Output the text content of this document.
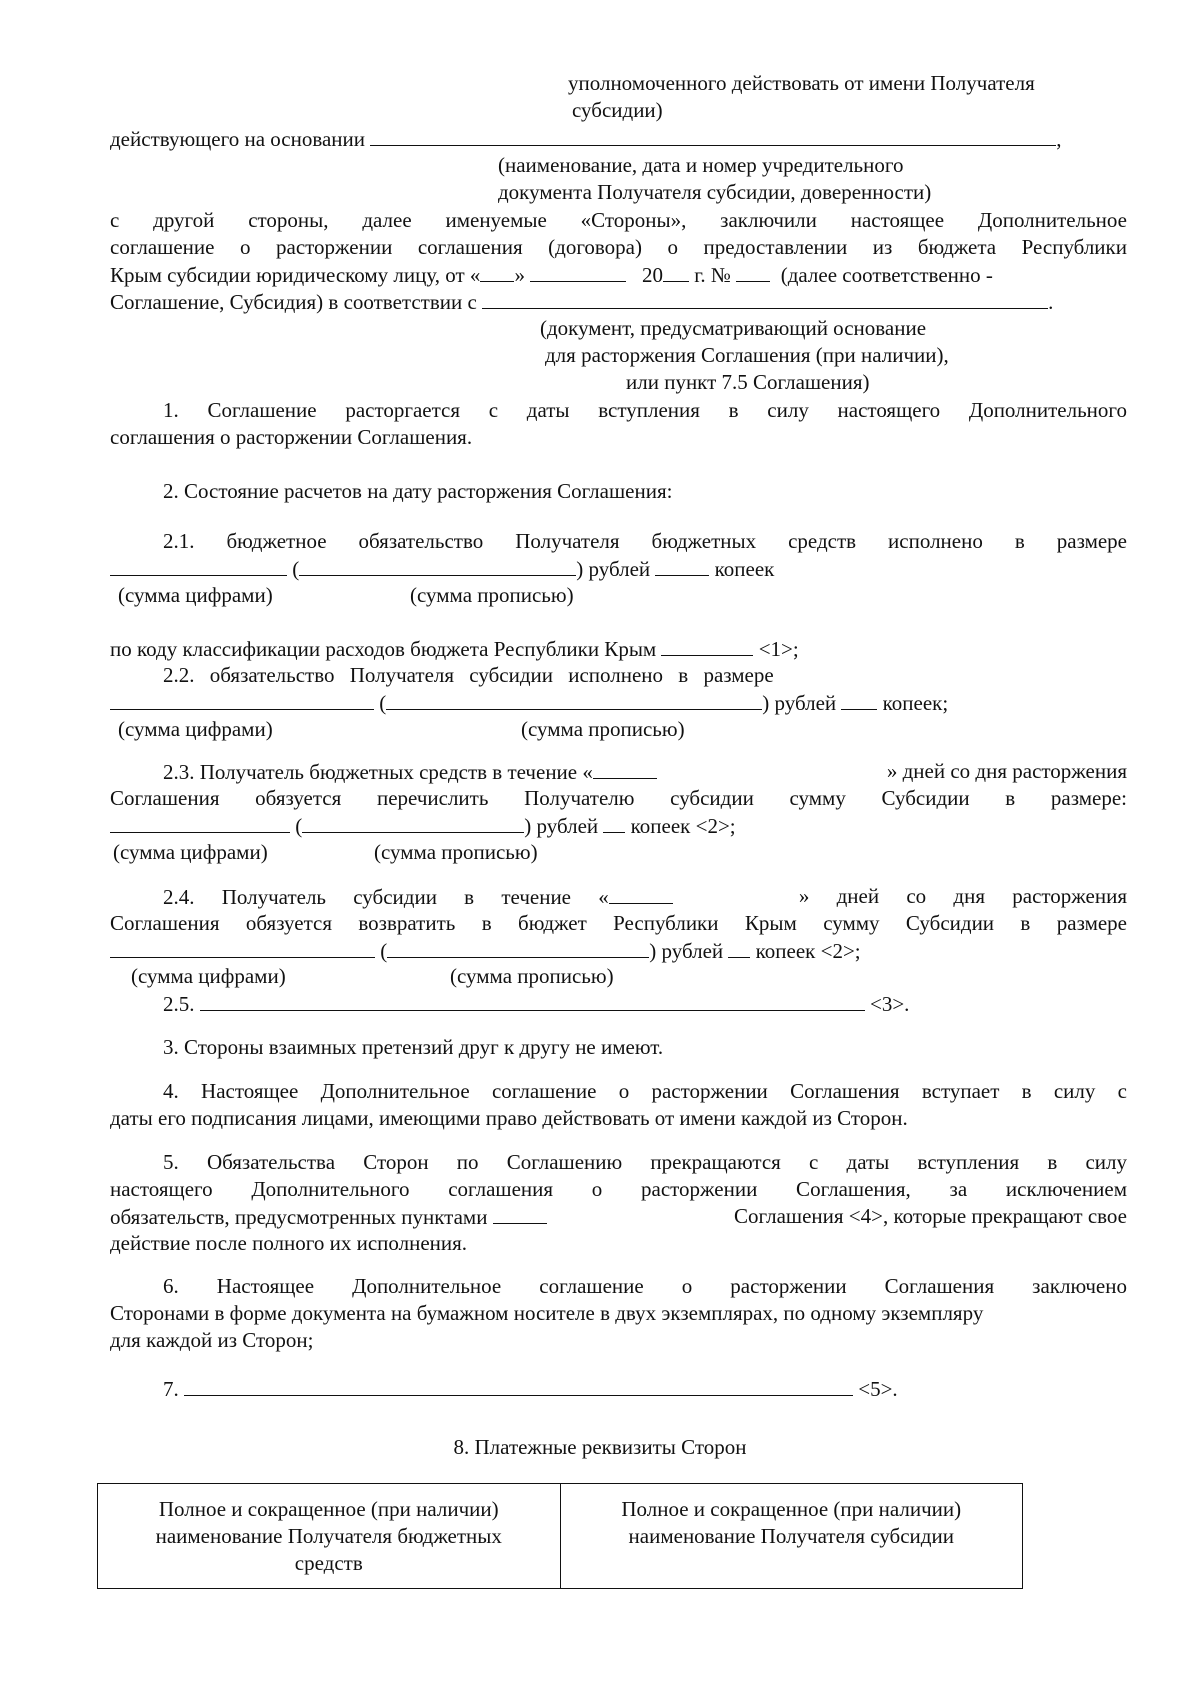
уполномоченного действовать от имени Получателя
субсидии)
действующего на основании	,
(наименование, дата и номер учредительного
документа Получателя субсидии, доверенности)
с другой стороны, далее именуемые «Стороны», заключили настоящее Дополнительное
соглашение о расторжении соглашения (договора) о предоставлении из бюджета Республики
Крым субсидии юридическому лицу, от « »	20 г. № (далее соответственно -
Соглашение, Субсидия) в соответствии с	.
(документ, предусматривающий основание
для расторжения Соглашения (при наличии),
или пункт 7.5 Соглашения)
1. Соглашение расторгается с даты вступления в силу настоящего Дополнительного
соглашения о расторжении Соглашения.
2. Состояние расчетов на дату расторжения Соглашения:
2.1. бюджетное обязательство Получателя бюджетных средств исполнено в размере
(	) рублей	копеек
(сумма цифрами)	(сумма прописью)
по коду классификации расходов бюджета Республики Крым	<1>;
2.2. обязательство Получателя субсидии исполнено в размере
(	) рублей копеек;
(сумма цифрами)	(сумма прописью)
2.3. Получатель бюджетных средств в течение «	» дней со дня расторжения
Соглашения обязуется перечислить Получателю субсидии сумму Субсидии в размере:
(	) рублей копеек <2>;
(сумма цифрами)	(сумма прописью)
2.4. Получатель субсидии в течение «	» дней со дня расторжения
Соглашения обязуется возвратить в бюджет Республики Крым сумму Субсидии в размере
(	) рублей копеек <2>;
(сумма цифрами)	(сумма прописью)
2.5.	<3>.
3. Стороны взаимных претензий друг к другу не имеют.
4. Настоящее Дополнительное соглашение о расторжении Соглашения вступает в силу с
даты его подписания лицами, имеющими право действовать от имени каждой из Сторон.
5. Обязательства Сторон по Соглашению прекращаются с даты вступления в силу
настоящего Дополнительного соглашения о расторжении Соглашения, за исключением
обязательств, предусмотренных пунктами	Соглашения <4>, которые прекращают свое
действие после полного их исполнения.
6. Настоящее Дополнительное соглашение о расторжении Соглашения заключено
Сторонами в форме документа на бумажном носителе в двух экземплярах, по одному экземпляру
для каждой из Сторон;
7.	<5>.
8. Платежные реквизиты Сторон
Полное и сокращенное (при наличии) наименование Получателя бюджетных средств	Полное и сокращенное (при наличии) наименование Получателя субсидии
